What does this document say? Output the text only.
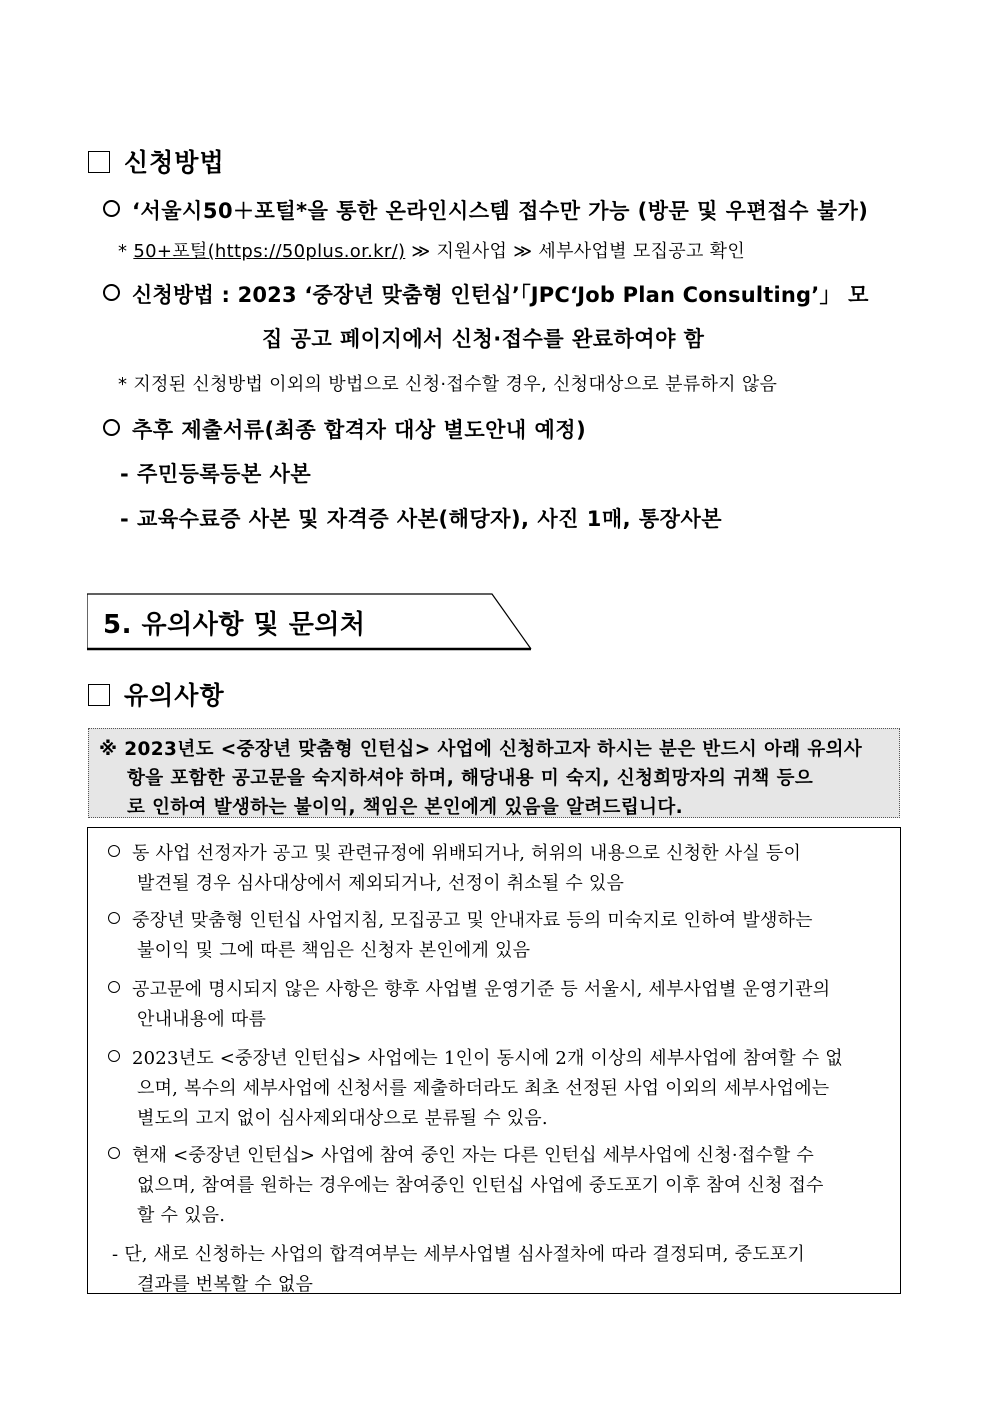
신청방법
‘서울시50＋포털*을 통한 온라인시스템 접수만 가능 (방문 및 우편접수 불가)
* 50+포털(https://50plus.or.kr/) ≫ 지원사업 ≫ 세부사업별 모집공고 확인
신청방법 : 2023 ‘중장년 맞춤형 인턴십’「JPC‘Job Plan Consulting’」 모
집 공고 페이지에서 신청·접수를 완료하여야 함
* 지정된 신청방법 이외의 방법으로 신청·접수할 경우, 신청대상으로 분류하지 않음
추후 제출서류(최종 합격자 대상 별도안내 예정)
- 주민등록등본 사본
- 교육수료증 사본 및 자격증 사본(해당자), 사진 1매, 통장사본
5. 유의사항 및 문의처
유의사항
※ 2023년도 <중장년 맞춤형 인턴십> 사업에 신청하고자 하시는 분은 반드시 아래 유의사
항을 포함한 공고문을 숙지하셔야 하며, 해당내용 미 숙지, 신청희망자의 귀책 등으
로 인하여 발생하는 불이익, 책임은 본인에게 있음을 알려드립니다.
동 사업 선정자가 공고 및 관련규정에 위배되거나, 허위의 내용으로 신청한 사실 등이
발견될 경우 심사대상에서 제외되거나, 선정이 취소될 수 있음
중장년 맞춤형 인턴십 사업지침, 모집공고 및 안내자료 등의 미숙지로 인하여 발생하는
불이익 및 그에 따른 책임은 신청자 본인에게 있음
공고문에 명시되지 않은 사항은 향후 사업별 운영기준 등 서울시, 세부사업별 운영기관의
안내내용에 따름
2023년도 <중장년 인턴십> 사업에는 1인이 동시에 2개 이상의 세부사업에 참여할 수 없
으며, 복수의 세부사업에 신청서를 제출하더라도 최초 선정된 사업 이외의 세부사업에는
별도의 고지 없이 심사제외대상으로 분류될 수 있음.
현재 <중장년 인턴십> 사업에 참여 중인 자는 다른 인턴십 세부사업에 신청·접수할 수
없으며, 참여를 원하는 경우에는 참여중인 인턴십 사업에 중도포기 이후 참여 신청 접수
할 수 있음.
- 단, 새로 신청하는 사업의 합격여부는 세부사업별 심사절차에 따라 결정되며, 중도포기
결과를 번복할 수 없음
